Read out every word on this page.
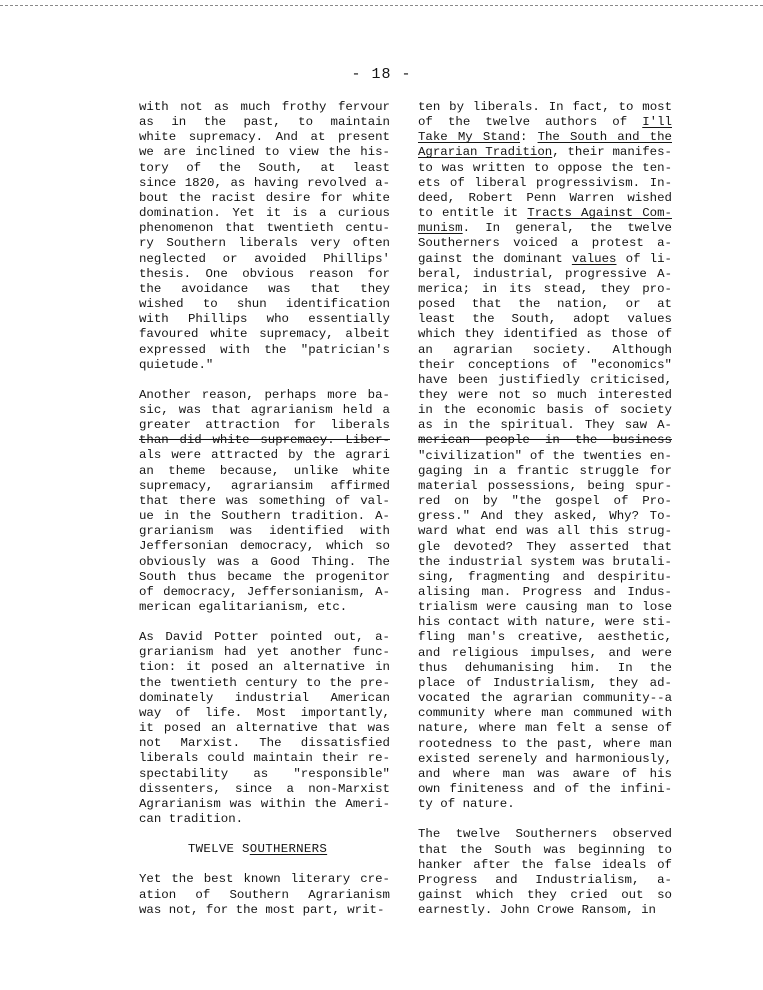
- 18 -
with not as much frothy fervour
as in the past, to maintain
white supremacy. And at present
we are inclined to view the his-
tory of the South, at least
since 1820, as having revolved a-
bout the racist desire for white
domination. Yet it is a curious
phenomenon that twentieth centu-
ry Southern liberals very often
neglected or avoided Phillips'
thesis. One obvious reason for
the avoidance was that they
wished to shun identification
with Phillips who essentially
favoured white supremacy, albeit
expressed with the "patrician's
quietude."
Another reason, perhaps more ba-
sic, was that agrarianism held a
greater attraction for liberals
than did white supremacy. Liber-
als were attracted by the agrari
an theme because, unlike white
supremacy, agrariansim affirmed
that there was something of val-
ue in the Southern tradition. A-
grarianism was identified with
Jeffersonian democracy, which so
obviously was a Good Thing. The
South thus became the progenitor
of democracy, Jeffersonianism, A-
merican egalitarianism, etc.
As David Potter pointed out, a-
grarianism had yet another func-
tion: it posed an alternative in
the twentieth century to the pre-
dominately industrial American
way of life. Most importantly,
it posed an alternative that was
not Marxist. The dissatisfied
liberals could maintain their re-
spectability as "responsible"
dissenters, since a non-Marxist
Agrarianism was within the Ameri-
can tradition.
TWELVE SOUTHERNERS
Yet the best known literary cre-
ation of Southern Agrarianism
was not, for the most part, writ-
ten by liberals. In fact, to most
of the twelve authors of I'll
Take My Stand: The South and the
Agrarian Tradition, their manifes-
to was written to oppose the ten-
ets of liberal progressivism. In-
deed, Robert Penn Warren wished
to entitle it Tracts Against Com-
munism. In general, the twelve
Southerners voiced a protest a-
gainst the dominant values of li-
beral, industrial, progressive A-
merica; in its stead, they pro-
posed that the nation, or at
least the South, adopt values
which they identified as those of
an agrarian society. Although
their conceptions of "economics"
have been justifiedly criticised,
they were not so much interested
in the economic basis of society
as in the spiritual. They saw A-
merican people in the business
"civilization" of the twenties en-
gaging in a frantic struggle for
material possessions, being spur-
red on by "the gospel of Pro-
gress." And they asked, Why? To-
ward what end was all this strug-
gle devoted? They asserted that
the industrial system was brutali-
sing, fragmenting and despiritu-
alising man. Progress and Indus-
trialism were causing man to lose
his contact with nature, were sti-
fling man's creative, aesthetic,
and religious impulses, and were
thus dehumanising him. In the
place of Industrialism, they ad-
vocated the agrarian community--a
community where man communed with
nature, where man felt a sense of
rootedness to the past, where man
existed serenely and harmoniously,
and where man was aware of his
own finiteness and of the infini-
ty of nature.
The twelve Southerners observed
that the South was beginning to
hanker after the false ideals of
Progress and Industrialism, a-
gainst which they cried out so
earnestly. John Crowe Ransom, in
